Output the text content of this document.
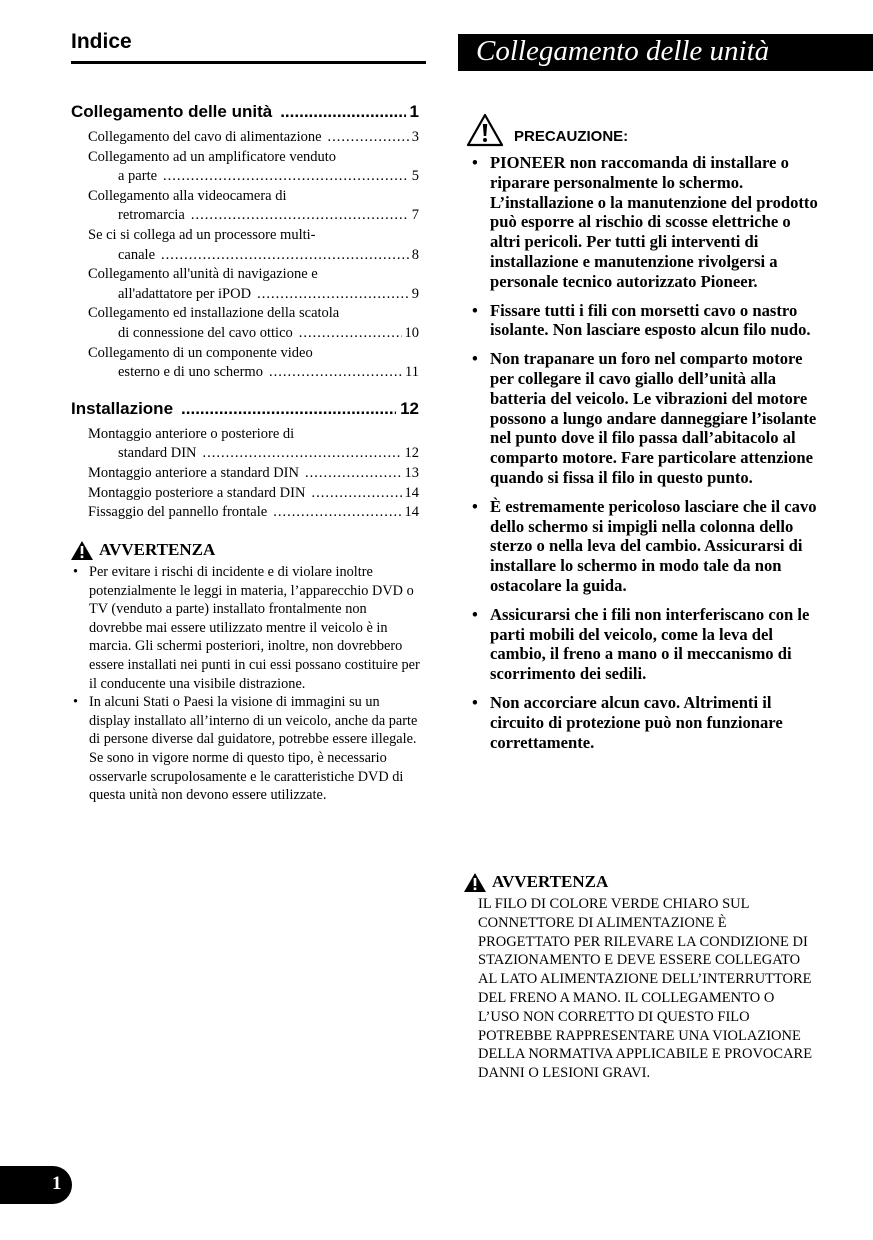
Indice	Collegamento delle unità
Collegamento delle unità .....	1
Collegamento del cavo di alimentazione .....	3
Collegamento ad un amplificatore venduto
a parte .....	5
Collegamento alla videocamera di
retromarcia .....	7
Se ci si collega ad un processore multi-
canale .....	8
Collegamento all'unità di navigazione e
all'adattatore per iPOD .....	9
Collegamento ed installazione della scatola
di connessione del cavo ottico .....	10
Collegamento di un componente video
esterno e di uno schermo .....	11
Installazione .....	12
Montaggio anteriore o posteriore di
standard DIN .....	12
Montaggio anteriore a standard DIN .....	13
Montaggio posteriore a standard DIN .....	14
Fissaggio del pannello frontale .....	14
AVVERTENZA
• Per evitare i rischi di incidente e di violare inoltre potenzialmente le leggi in materia, l’apparecchio DVD o TV (venduto a parte) installato frontalmente non dovrebbe mai essere utilizzato mentre il veicolo è in marcia. Gli schermi posteriori, inoltre, non dovrebbero essere installati nei punti in cui essi possano costituire per il conducente una visibile distrazione.
• In alcuni Stati o Paesi la visione di immagini su un display installato all’interno di un veicolo, anche da parte di persone diverse dal guidatore, potrebbe essere illegale. Se sono in vigore norme di questo tipo, è necessario osservarle scrupolosamente e le caratteristiche DVD di questa unità non devono essere utilizzate.
PRECAUZIONE:
• PIONEER non raccomanda di installare o riparare personalmente lo schermo. L’installazione o la manutenzione del prodotto può esporre al rischio di scosse elettriche o altri pericoli. Per tutti gli interventi di installazione e manutenzione rivolgersi a personale tecnico autorizzato Pioneer.
• Fissare tutti i fili con morsetti cavo o nastro isolante. Non lasciare esposto alcun filo nudo.
• Non trapanare un foro nel comparto motore per collegare il cavo giallo dell’unità alla batteria del veicolo. Le vibrazioni del motore possono a lungo andare danneggiare l’isolante nel punto dove il filo passa dall’abitacolo al comparto motore. Fare particolare attenzione quando si fissa il filo in questo punto.
• È estremamente pericoloso lasciare che il cavo dello schermo si impigli nella colonna dello sterzo o nella leva del cambio. Assicurarsi di installare lo schermo in modo tale da non ostacolare la guida.
• Assicurarsi che i fili non interferiscano con le parti mobili del veicolo, come la leva del cambio, il freno a mano o il meccanismo di scorrimento dei sedili.
• Non accorciare alcun cavo. Altrimenti il circuito di protezione può non funzionare correttamente.
AVVERTENZA

IL FILO DI COLORE VERDE CHIARO SUL CONNETTORE DI ALIMENTAZIONE È PROGETTATO PER RILEVARE LA CONDIZIONE DI STAZIONAMENTO E DEVE ESSERE COLLEGATO AL LATO ALIMENTAZIONE DELL’INTERRUTTORE DEL FRENO A MANO. IL COLLEGAMENTO O L’USO NON CORRETTO DI QUESTO FILO POTREBBE RAPPRESENTARE UNA VIOLAZIONE DELLA NORMATIVA APPLICABILE E PROVOCARE DANNI O LESIONI GRAVI.

1
